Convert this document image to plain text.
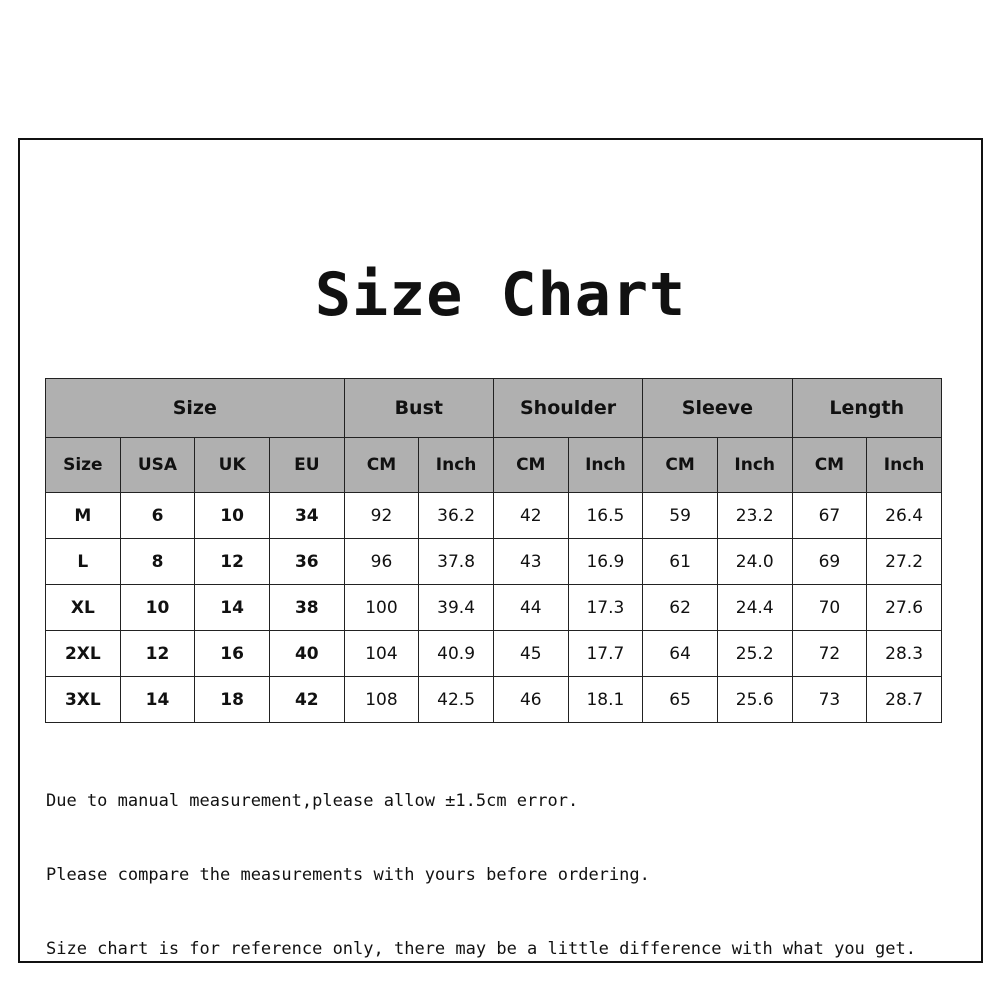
Size Chart
Size				Bust		Shoulder		Sleeve		Length	
Size	USA	UK	EU	CM	Inch	CM	Inch	CM	Inch	CM	Inch
M	6	10	34	92	36.2	42	16.5	59	23.2	67	26.4
L	8	12	36	96	37.8	43	16.9	61	24.0	69	27.2
XL	10	14	38	100	39.4	44	17.3	62	24.4	70	27.6
2XL	12	16	40	104	40.9	45	17.7	64	25.2	72	28.3
3XL	14	18	42	108	42.5	46	18.1	65	25.6	73	28.7

Due to manual measurement,please allow ±1.5cm error.

Please compare the measurements with yours before ordering.

Size chart is for reference only, there may be a little difference with what you get.
